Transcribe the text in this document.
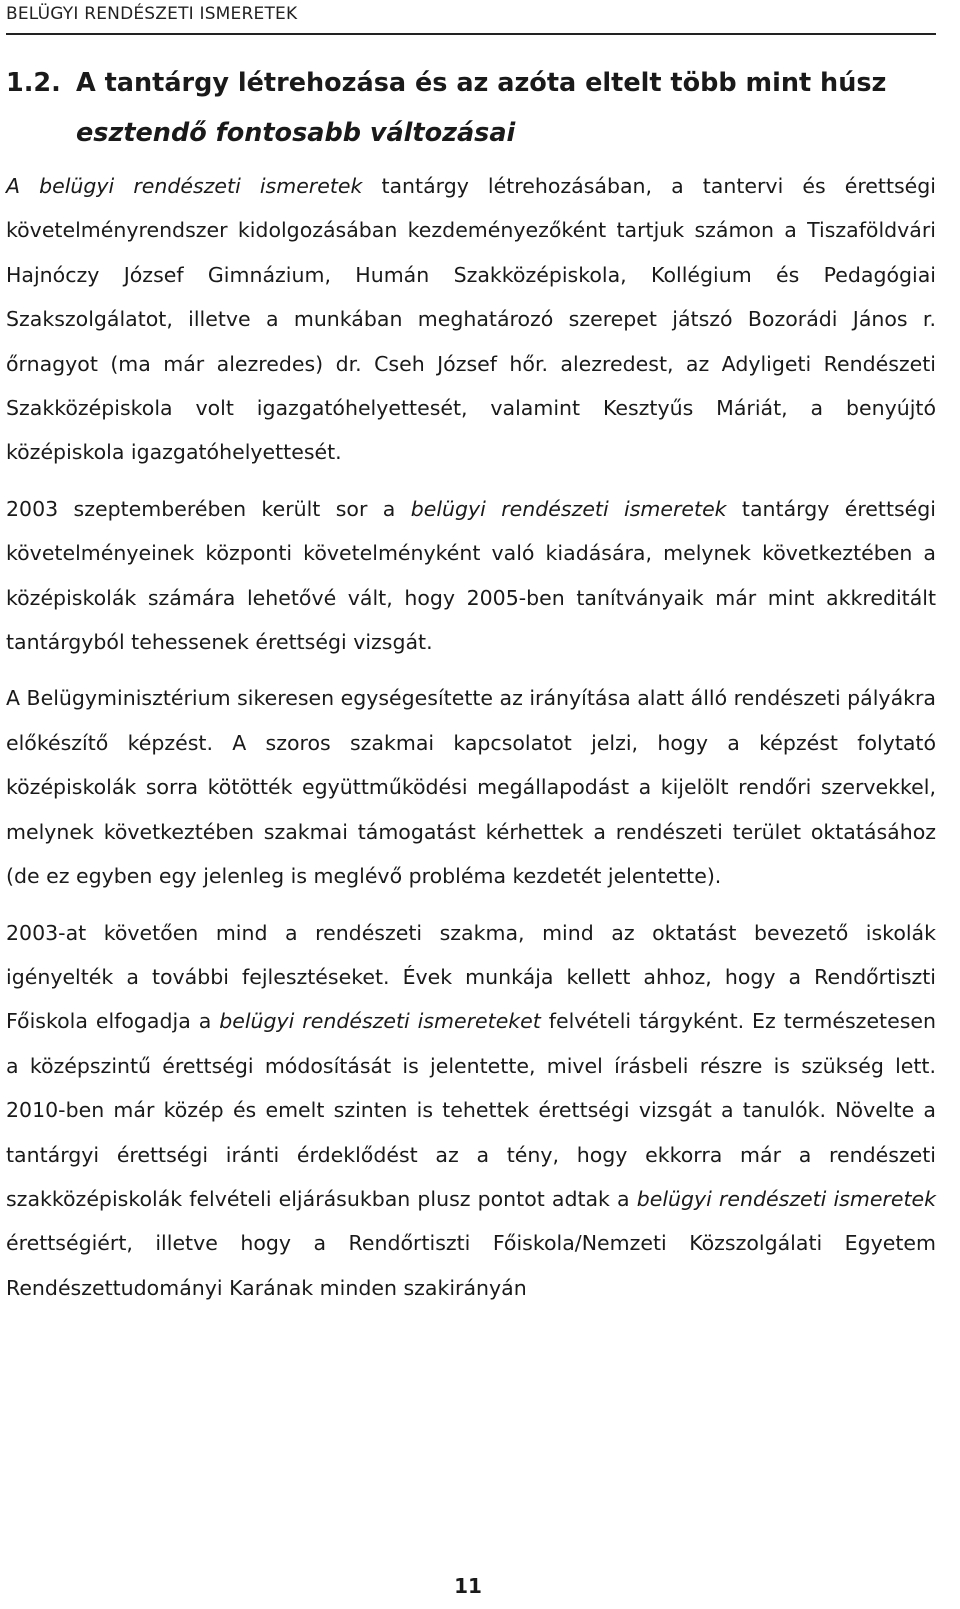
BELÜGYI RENDÉSZETI ISMERETEK
1.2. A tantárgy létrehozása és az azóta eltelt több mint húsz
esztendő fontosabb változásai

A belügyi rendészeti ismeretek tantárgy létrehozásában, a tantervi és érettségi követelményrendszer kidolgozásában kezdeményezőként tartjuk számon a Tiszaföldvári Hajnóczy József Gimnázium, Humán Szakközépiskola, Kollégium és Pedagógiai Szakszolgálatot, illetve a munkában meghatározó szerepet játszó Bozorádi János r. őrnagyot (ma már alezredes) dr. Cseh József hőr. alezredest, az Adyligeti Rendészeti Szakközépiskola volt igazgatóhelyettesét, valamint Kesztyűs Máriát, a benyújtó középiskola igazgatóhelyettesét.

2003 szeptemberében került sor a belügyi rendészeti ismeretek tantárgy érettségi követelményeinek központi követelményként való kiadására, melynek következtében a középiskolák számára lehetővé vált, hogy 2005-ben tanítványaik már mint akkreditált tantárgyból tehessenek érettségi vizsgát.

A Belügyminisztérium sikeresen egységesítette az irányítása alatt álló rendészeti pályákra előkészítő képzést. A szoros szakmai kapcsolatot jelzi, hogy a képzést folytató középiskolák sorra kötötték együttműködési megállapodást a kijelölt rendőri szervekkel, melynek következtében szakmai támogatást kérhettek a rendészeti terület oktatásához (de ez egyben egy jelenleg is meglévő probléma kezdetét jelentette).

2003-at követően mind a rendészeti szakma, mind az oktatást bevezető iskolák igényelték a további fejlesztéseket. Évek munkája kellett ahhoz, hogy a Rendőrtiszti Főiskola elfogadja a belügyi rendészeti ismereteket felvételi tárgyként. Ez természetesen a középszintű érettségi módosítását is jelentette, mivel írásbeli részre is szükség lett. 2010-ben már közép és emelt szinten is tehettek érettségi vizsgát a tanulók. Növelte a tantárgyi érettségi iránti érdeklődést az a tény, hogy ekkorra már a rendészeti szakközépiskolák felvételi eljárásukban plusz pontot adtak a belügyi rendészeti ismeretek érettségiért, illetve hogy a Rendőrtiszti Főiskola/Nemzeti Közszolgálati Egyetem Rendészettudományi Karának minden szakirányán

11
